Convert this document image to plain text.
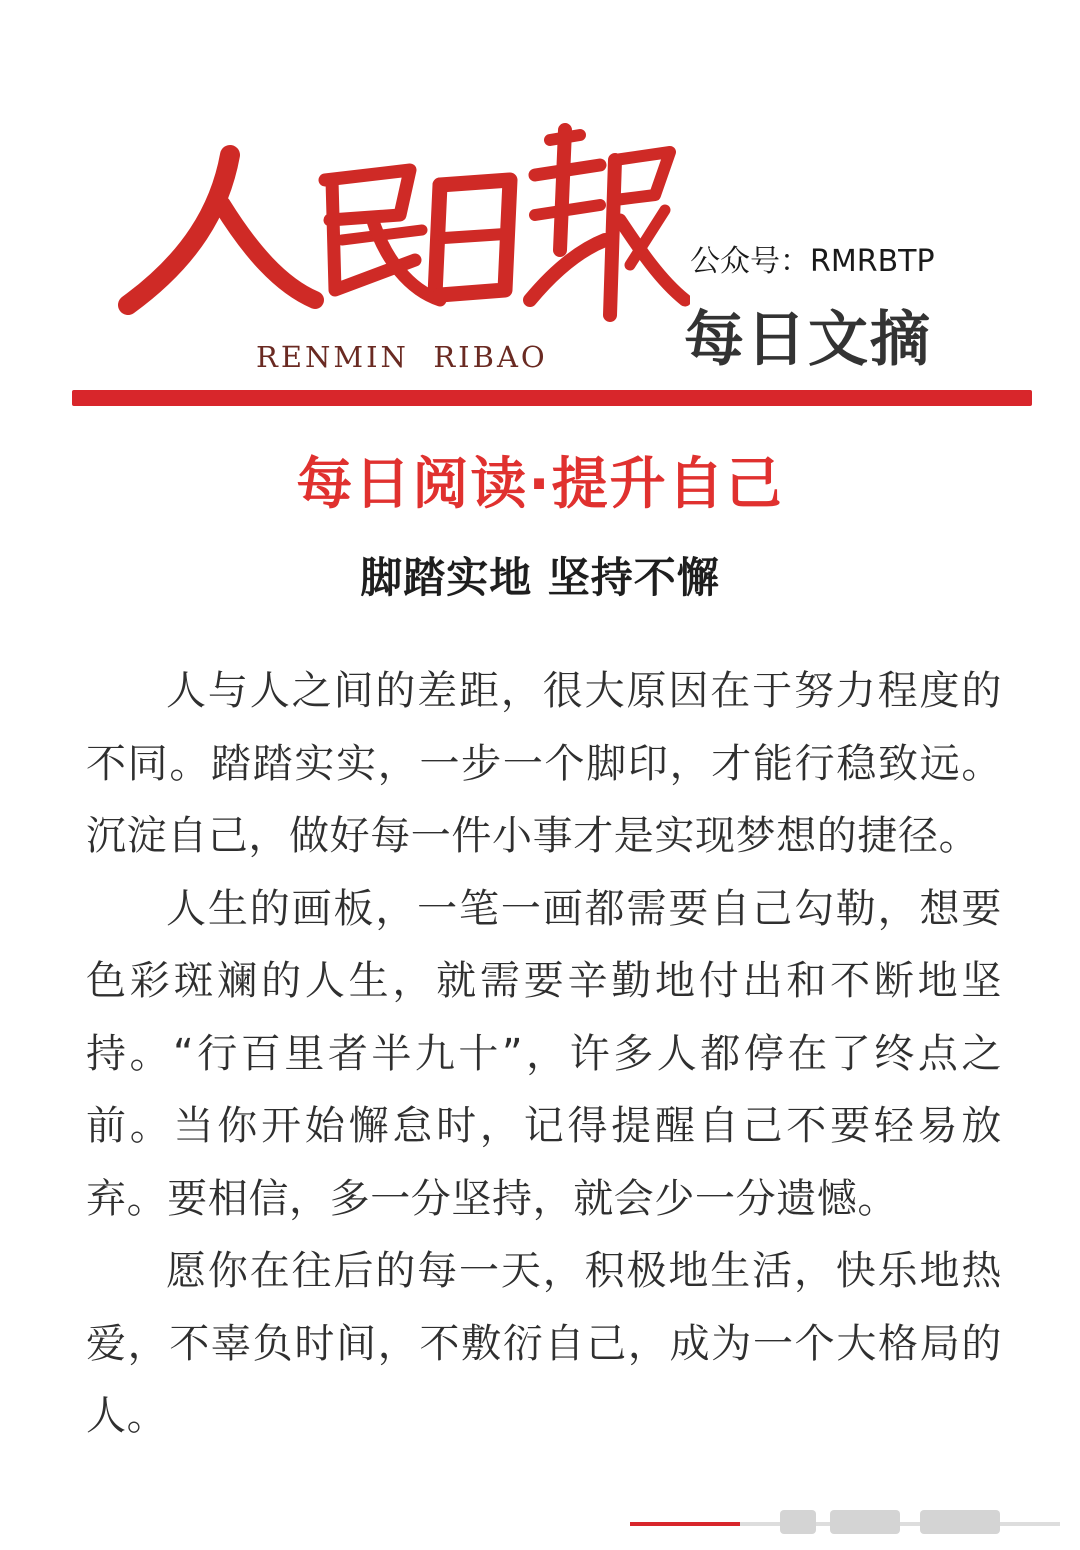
RENMIN  RIBAO
公众号：RMRBTP
每日文摘
每日阅读·提升自己
脚踏实地 坚持不懈

人与人之间的差距，很大原因在于努力程度的不同。踏踏实实，一步一个脚印，才能行稳致远。沉淀自己，做好每一件小事才是实现梦想的捷径。

人生的画板，一笔一画都需要自己勾勒，想要色彩斑斓的人生，就需要辛勤地付出和不断地坚持。“行百里者半九十”，许多人都停在了终点之前。当你开始懈怠时，记得提醒自己不要轻易放弃。要相信，多一分坚持，就会少一分遗憾。

愿你在往后的每一天，积极地生活，快乐地热爱，不辜负时间，不敷衍自己，成为一个大格局的人。
